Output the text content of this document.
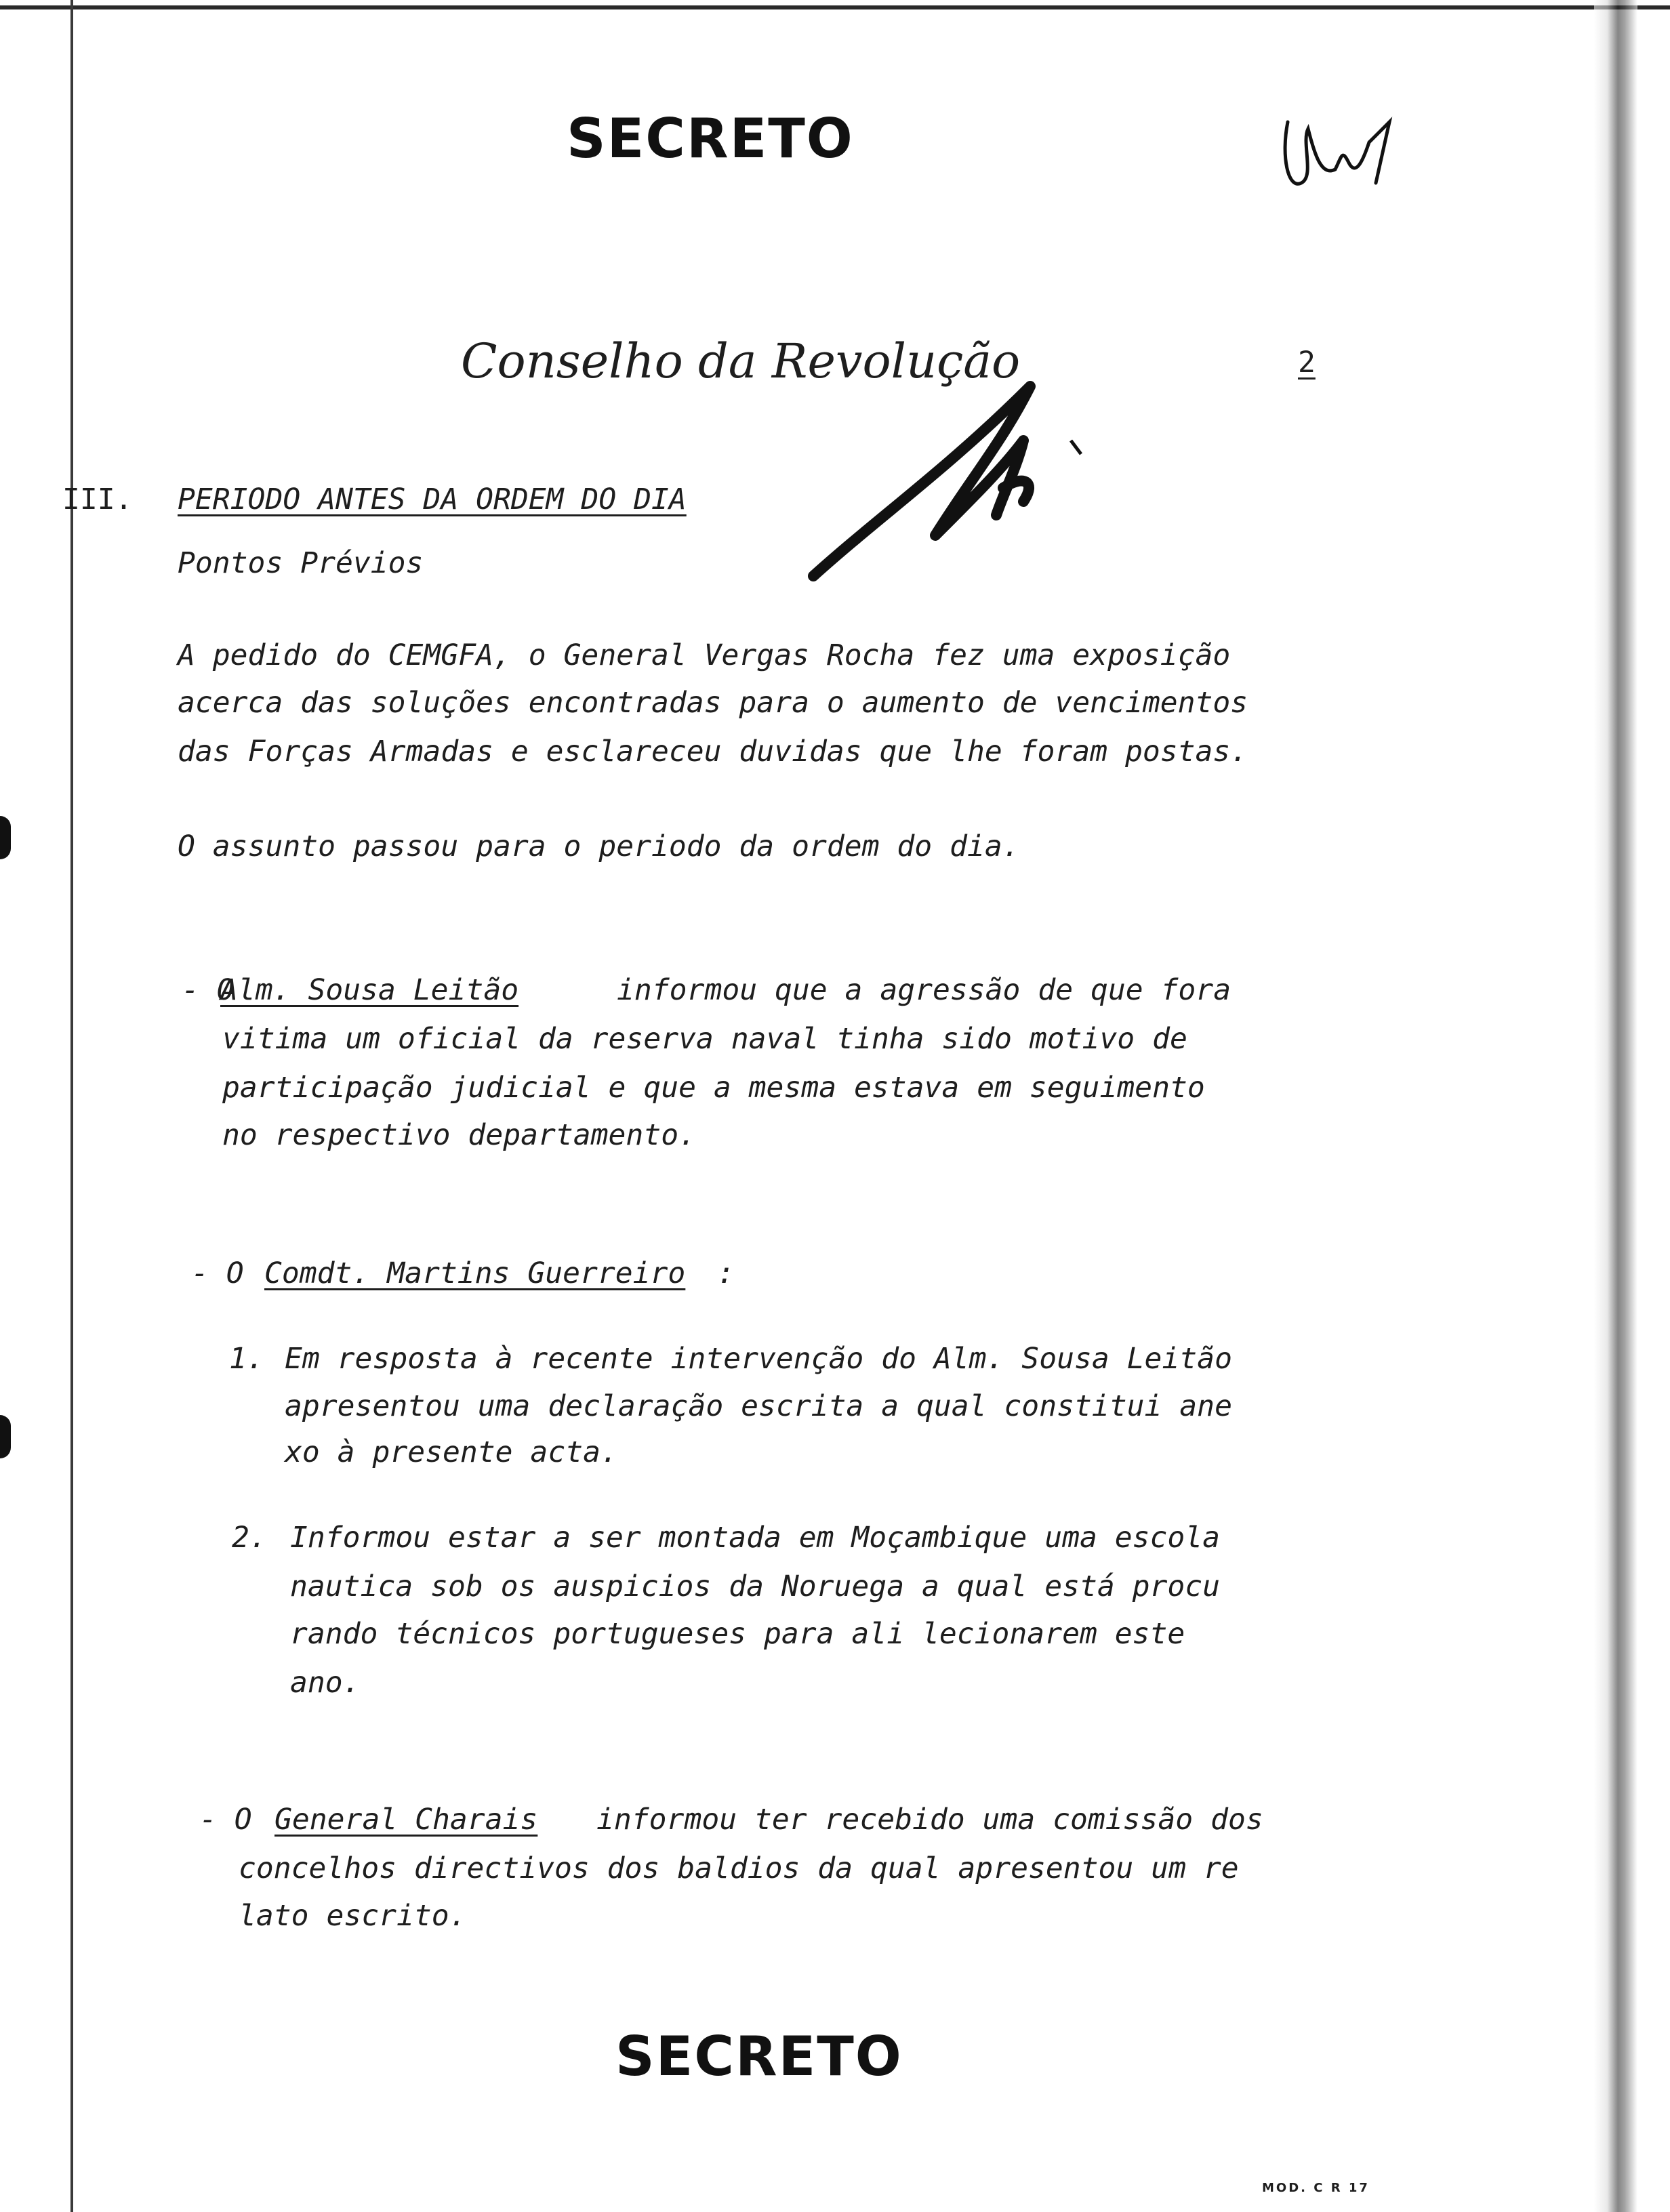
SECRETO
Conselho da Revolução	2
III. PERIODO ANTES DA ORDEM DO DIA
Pontos Prévios
A pedido do CEMGFA, o General Vergas Rocha fez uma exposição
acerca das soluções encontradas para o aumento de vencimentos
das Forças Armadas e esclareceu duvidas que lhe foram postas.
O assunto passou para o periodo da ordem do dia.
- O
Alm. Sousa Leitão	informou que a agressão de que fora
vitima um oficial da reserva naval tinha sido motivo de
participação judicial e que a mesma estava em seguimento
no respectivo departamento.
- O Comdt. Martins Guerreiro :
1. Em resposta à recente intervenção do Alm. Sousa Leitão
apresentou uma declaração escrita a qual constitui ane
xo à presente acta.
2. Informou estar a ser montada em Moçambique uma escola
nautica sob os auspicios da Noruega a qual está procu
rando técnicos portugueses para ali lecionarem este
ano.
- O General Charais informou ter recebido uma comissão dos
concelhos directivos dos baldios da qual apresentou um re
lato escrito.
SECRETO
MOD. C R 17
